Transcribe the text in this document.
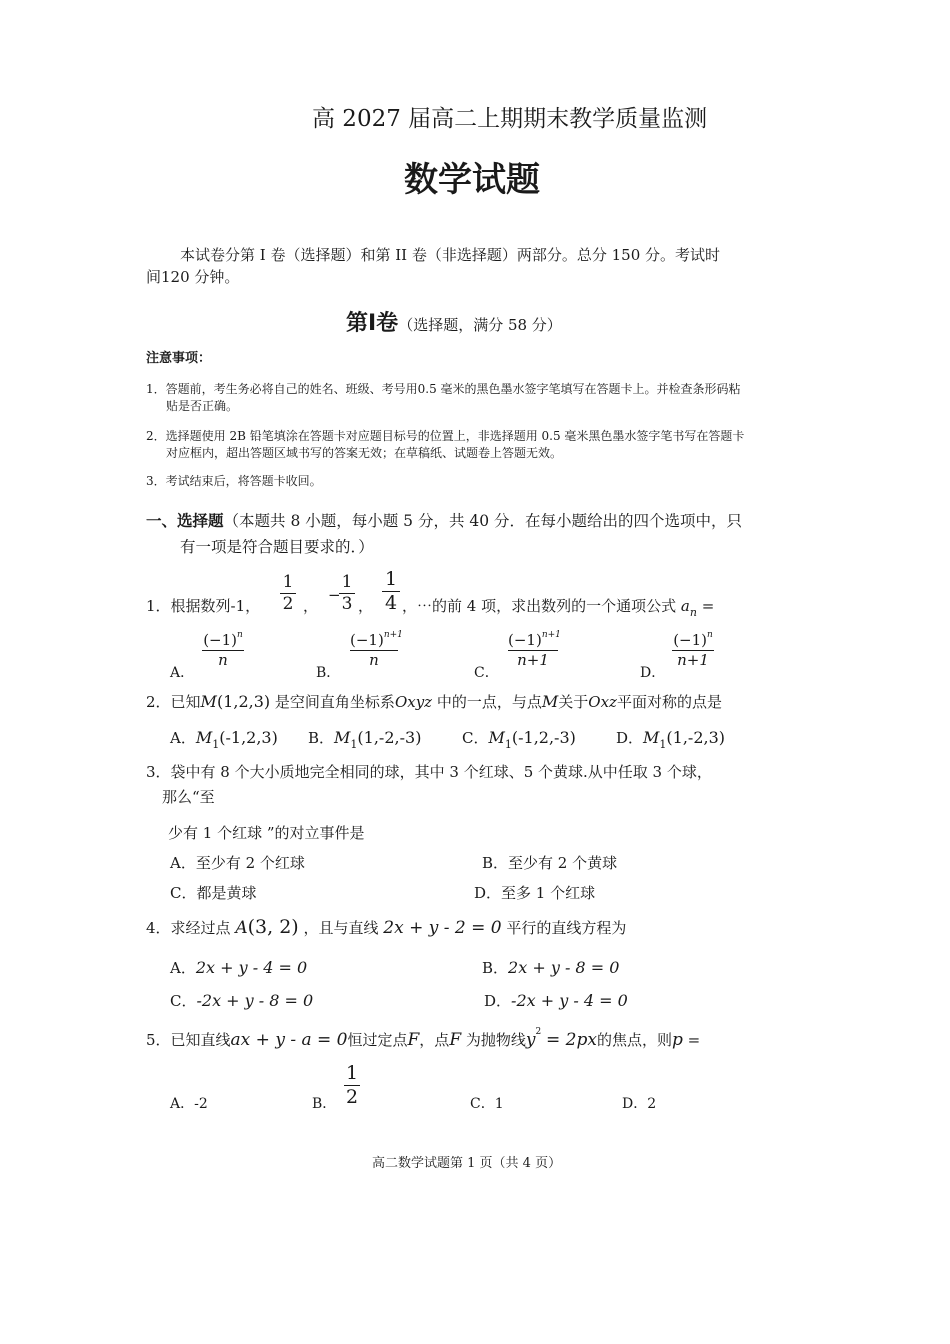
高 2027 届高二上期期末教学质量监测
数学试题
本试卷分第 I 卷（选择题）和第 II 卷（非选择题）两部分。总分 150 分。考试时
间120 分钟。
第Ⅰ卷（选择题，满分 58 分）
注意事项：
1．答题前，考生务必将自己的姓名、班级、考号用0.5 毫米的黑色墨水签字笔填写在答题卡上。并检查条形码粘
贴是否正确。
2．选择题使用 2B 铅笔填涂在答题卡对应题目标号的位置上，非选择题用 0.5 毫米黑色墨水签字笔书写在答题卡
对应框内，超出答题区域书写的答案无效；在草稿纸、试题卷上答题无效。
3．考试结束后，将答题卡收回。
一、选择题（本题共 8 小题，每小题 5 分，共 40 分．在每小题给出的四个选项中，只
有一项是符合题目要求的．）
1．根据数列-1，
1
2 ，
−
1
3 ，
1
4 ，⋯的前 4 项，求出数列的一个通项公式 $a_n$ =
A．
$(-1)^n$
n
B．
$(-1)^{n+1}$
n
C．
$(-1)^{n+1}$
n+1
D．
$(-1)^n$
n+1
2．已知M(1,2,3) 是空间直角坐标系Oxyz 中的一点，与点M关于Oxz平面对称的点是
A．$M_1(-1,2,3)$ B．$M_1(1,-2,-3)$	C．$M_1(-1,2,-3)$	D．$M_1(1,-2,3)$
3．袋中有 8 个大小质地完全相同的球，其中 3 个红球、5 个黄球.从中任取 3 个球，
那么“至
少有 1 个红球 ”的对立事件是
A．至少有 2 个红球	B．至少有 2 个黄球
C．都是黄球	D．至多 1 个红球
4．求经过点 A(3, 2) ，且与直线 2x + y - 2 = 0 平行的直线方程为
A．2x + y - 4 = 0	B．2x + y - 8 = 0
C．-2x + y - 8 = 0	D．-2x + y - 4 = 0
5．已知直线ax + y - a = 0恒过定点F，点F 为抛物线$y^2 = 2px$的焦点，则p =
A．-2	B．
1
2	C．1	D．2
高二数学试题第 1 页（共 4 页）
